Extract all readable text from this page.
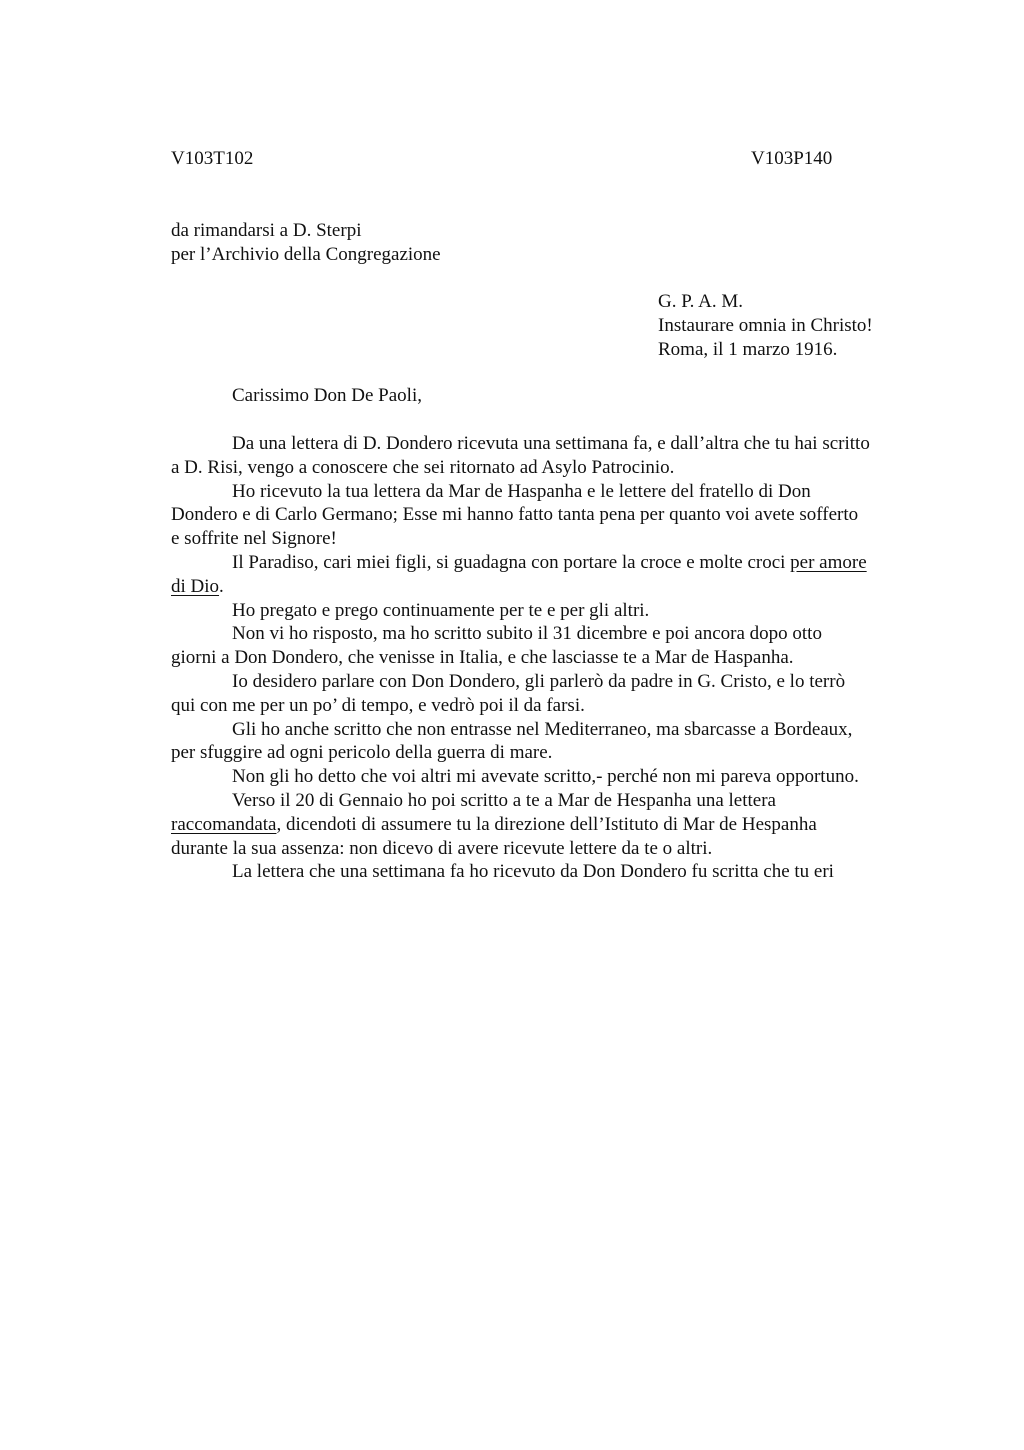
V103T102	V103P140
da rimandarsi a D. Sterpi
per l’Archivio della Congregazione
G. P. A. M.
Instaurare omnia in Christo!
Roma, il 1 marzo 1916.
Carissimo Don De Paoli,
Da una lettera di D. Dondero ricevuta una settimana fa, e dall’altra che tu hai scritto
a D. Risi, vengo a conoscere che sei ritornato ad Asylo Patrocinio.
Ho ricevuto la tua lettera da Mar de Haspanha e le lettere del fratello di Don
Dondero e di Carlo Germano; Esse mi hanno fatto tanta pena per quanto voi avete sofferto
e soffrite nel Signore!
Il Paradiso, cari miei figli, si guadagna con portare la croce e molte croci per amore
di Dio.
Ho pregato e prego continuamente per te e per gli altri.
Non vi ho risposto, ma ho scritto subito il 31 dicembre e poi ancora dopo otto
giorni a Don Dondero, che venisse in Italia, e che lasciasse te a Mar de Haspanha.
Io desidero parlare con Don Dondero, gli parlerò da padre in G. Cristo, e lo terrò
qui con me per un po’ di tempo, e vedrò poi il da farsi.
Gli ho anche scritto che non entrasse nel Mediterraneo, ma sbarcasse a Bordeaux,
per sfuggire ad ogni pericolo della guerra di mare.
Non gli ho detto che voi altri mi avevate scritto,- perché non mi pareva opportuno.
Verso il 20 di Gennaio ho poi scritto a te a Mar de Hespanha una lettera
raccomandata, dicendoti di assumere tu la direzione dell’Istituto di Mar de Hespanha
durante la sua assenza: non dicevo di avere ricevute lettere da te o altri.
La lettera che una settimana fa ho ricevuto da Don Dondero fu scritta che tu eri
